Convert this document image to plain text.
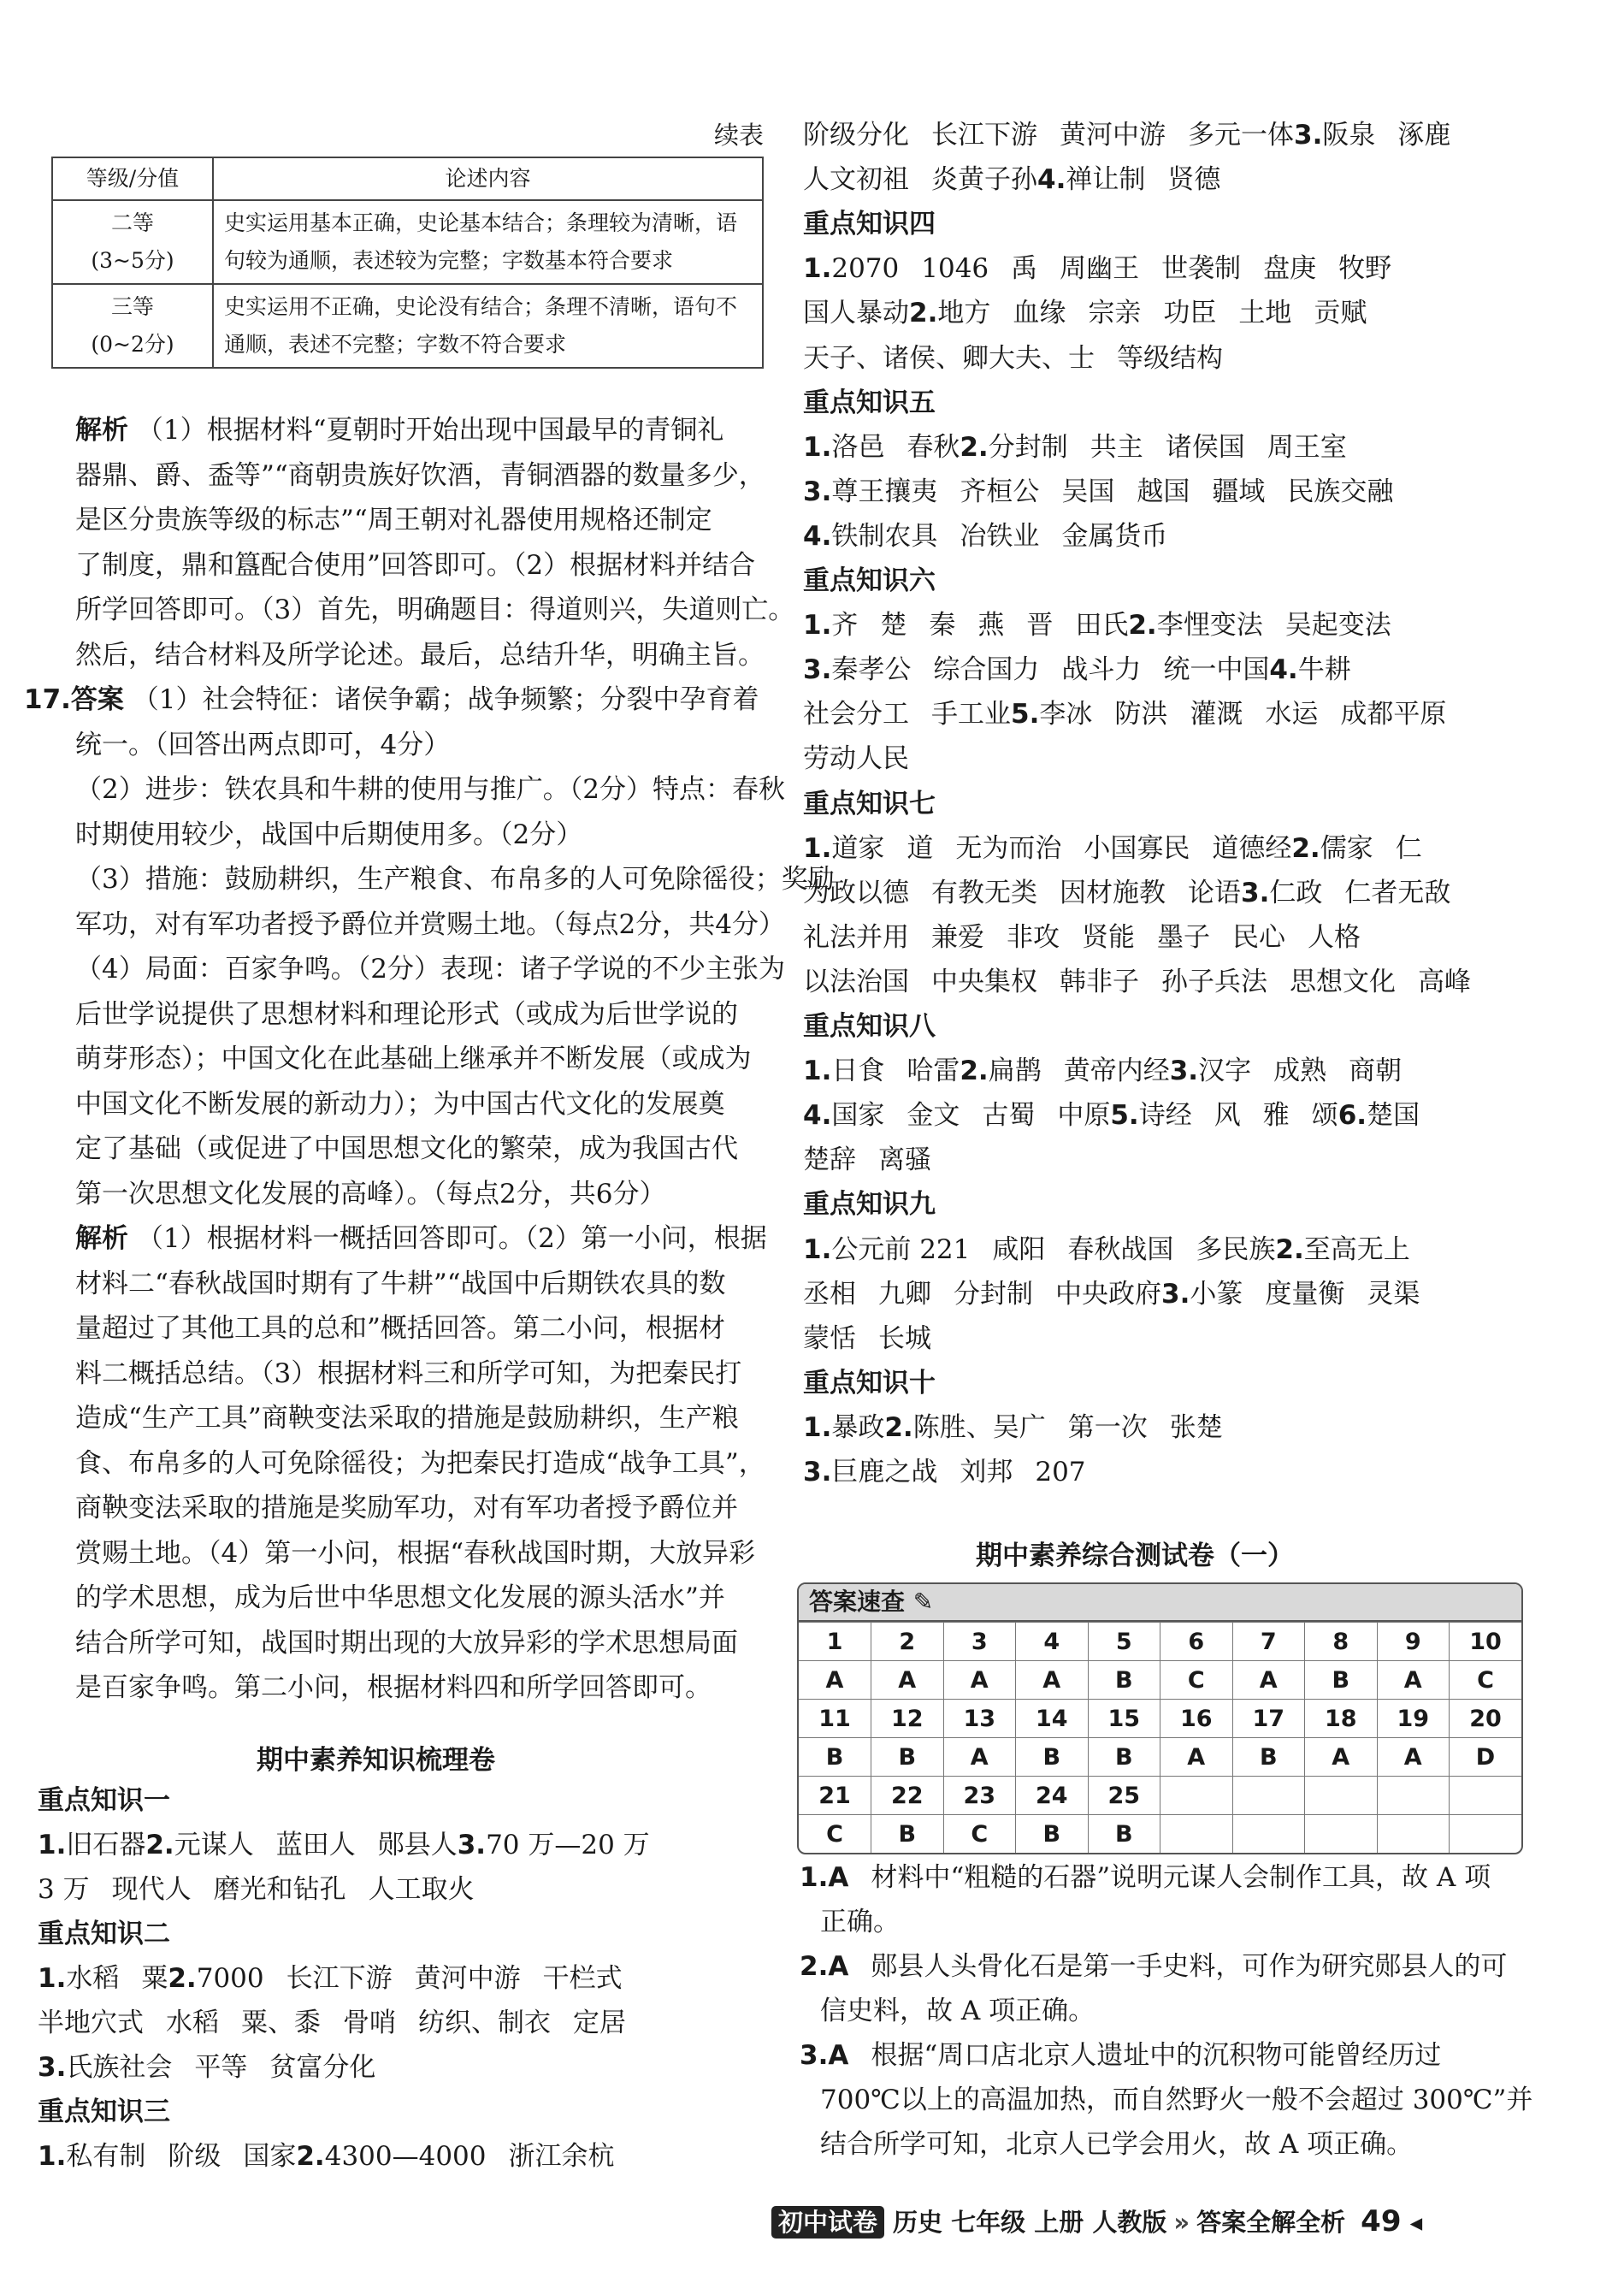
续表
等级/分值	论述内容
二等
(3~5分)	史实运用基本正确，史论基本结合；条理较为清晰，语句较为通顺，表述较为完整；字数基本符合要求
三等
(0~2分)	史实运用不正确，史论没有结合；条理不清晰，语句不通顺，表述不完整；字数不符合要求
解析 （1）根据材料“夏朝时开始出现中国最早的青铜礼
器鼎、爵、盉等”“商朝贵族好饮酒，青铜酒器的数量多少，
是区分贵族等级的标志”“周王朝对礼器使用规格还制定
了制度，鼎和簋配合使用”回答即可。（2）根据材料并结合
所学回答即可。（3）首先，明确题目：得道则兴，失道则亡。
然后，结合材料及所学论述。最后，总结升华，明确主旨。
17.答案 （1）社会特征：诸侯争霸；战争频繁；分裂中孕育着
统一。（回答出两点即可，4分）
（2）进步：铁农具和牛耕的使用与推广。（2分）特点：春秋
时期使用较少，战国中后期使用多。（2分）
（3）措施：鼓励耕织，生产粮食、布帛多的人可免除徭役；奖励
军功，对有军功者授予爵位并赏赐土地。（每点2分，共4分）
（4）局面：百家争鸣。（2分）表现：诸子学说的不少主张为
后世学说提供了思想材料和理论形式（或成为后世学说的
萌芽形态）；中国文化在此基础上继承并不断发展（或成为
中国文化不断发展的新动力）；为中国古代文化的发展奠
定了基础（或促进了中国思想文化的繁荣，成为我国古代
第一次思想文化发展的高峰）。（每点2分，共6分）
解析 （1）根据材料一概括回答即可。（2）第一小问，根据
材料二“春秋战国时期有了牛耕”“战国中后期铁农具的数
量超过了其他工具的总和”概括回答。第二小问，根据材
料二概括总结。（3）根据材料三和所学可知，为把秦民打
造成“生产工具”商鞅变法采取的措施是鼓励耕织，生产粮
食、布帛多的人可免除徭役；为把秦民打造成“战争工具”，
商鞅变法采取的措施是奖励军功，对有军功者授予爵位并
赏赐土地。（4）第一小问，根据“春秋战国时期，大放异彩
的学术思想，成为后世中华思想文化发展的源头活水”并
结合所学可知，战国时期出现的大放异彩的学术思想局面
是百家争鸣。第二小问，根据材料四和所学回答即可。
期中素养知识梳理卷
重点知识一
1.旧石器2.元谋人 蓝田人 郧县人3.70 万—20 万
3 万 现代人 磨光和钻孔 人工取火
重点知识二
1.水稻 粟2.7000 长江下游 黄河中游 干栏式
半地穴式 水稻 粟、黍 骨哨 纺织、制衣 定居
3.氏族社会 平等 贫富分化
重点知识三
1.私有制 阶级 国家2.4300—4000 浙江余杭
阶级分化 长江下游 黄河中游 多元一体3.阪泉 涿鹿
人文初祖 炎黄子孙4.禅让制 贤德
重点知识四
1.2070 1046 禹 周幽王 世袭制 盘庚 牧野
国人暴动2.地方 血缘 宗亲 功臣 土地 贡赋
天子、诸侯、卿大夫、士 等级结构
重点知识五
1.洛邑 春秋2.分封制 共主 诸侯国 周王室
3.尊王攘夷 齐桓公 吴国 越国 疆域 民族交融
4.铁制农具 冶铁业 金属货币
重点知识六
1.齐 楚 秦 燕 晋 田氏2.李悝变法 吴起变法
3.秦孝公 综合国力 战斗力 统一中国4.牛耕
社会分工 手工业5.李冰 防洪 灌溉 水运 成都平原
劳动人民
重点知识七
1.道家 道 无为而治 小国寡民 道德经2.儒家 仁
为政以德 有教无类 因材施教 论语3.仁政 仁者无敌
礼法并用 兼爱 非攻 贤能 墨子 民心 人格
以法治国 中央集权 韩非子 孙子兵法 思想文化 高峰
重点知识八
1.日食 哈雷2.扁鹊 黄帝内经3.汉字 成熟 商朝
4.国家 金文 古蜀 中原5.诗经 风 雅 颂6.楚国
楚辞 离骚
重点知识九
1.公元前 221 咸阳 春秋战国 多民族2.至高无上
丞相 九卿 分封制 中央政府3.小篆 度量衡 灵渠
蒙恬 长城
重点知识十
1.暴政2.陈胜、吴广 第一次 张楚
3.巨鹿之战 刘邦 207
期中素养综合测试卷（一）
1.A 材料中“粗糙的石器”说明元谋人会制作工具，故 A 项
正确。
2.A 郧县人头骨化石是第一手史料，可作为研究郧县人的可
信史料，故 A 项正确。
3.A 根据“周口店北京人遗址中的沉积物可能曾经历过
700℃以上的高温加热，而自然野火一般不会超过 300℃”并
结合所学可知，北京人已学会用火，故 A 项正确。
答案速查 ✎
1	2	3	4	5	6	7	8	9	10
A	A	A	A	B	C	A	B	A	C
11	12	13	14	15	16	17	18	19	20
B	B	A	B	B	A	B	A	A	D
21	22	23	24	25					
C	B	C	B	B					
初中试卷 历史 七年级 上册 人教版 » 答案全解全析 49 ◂
